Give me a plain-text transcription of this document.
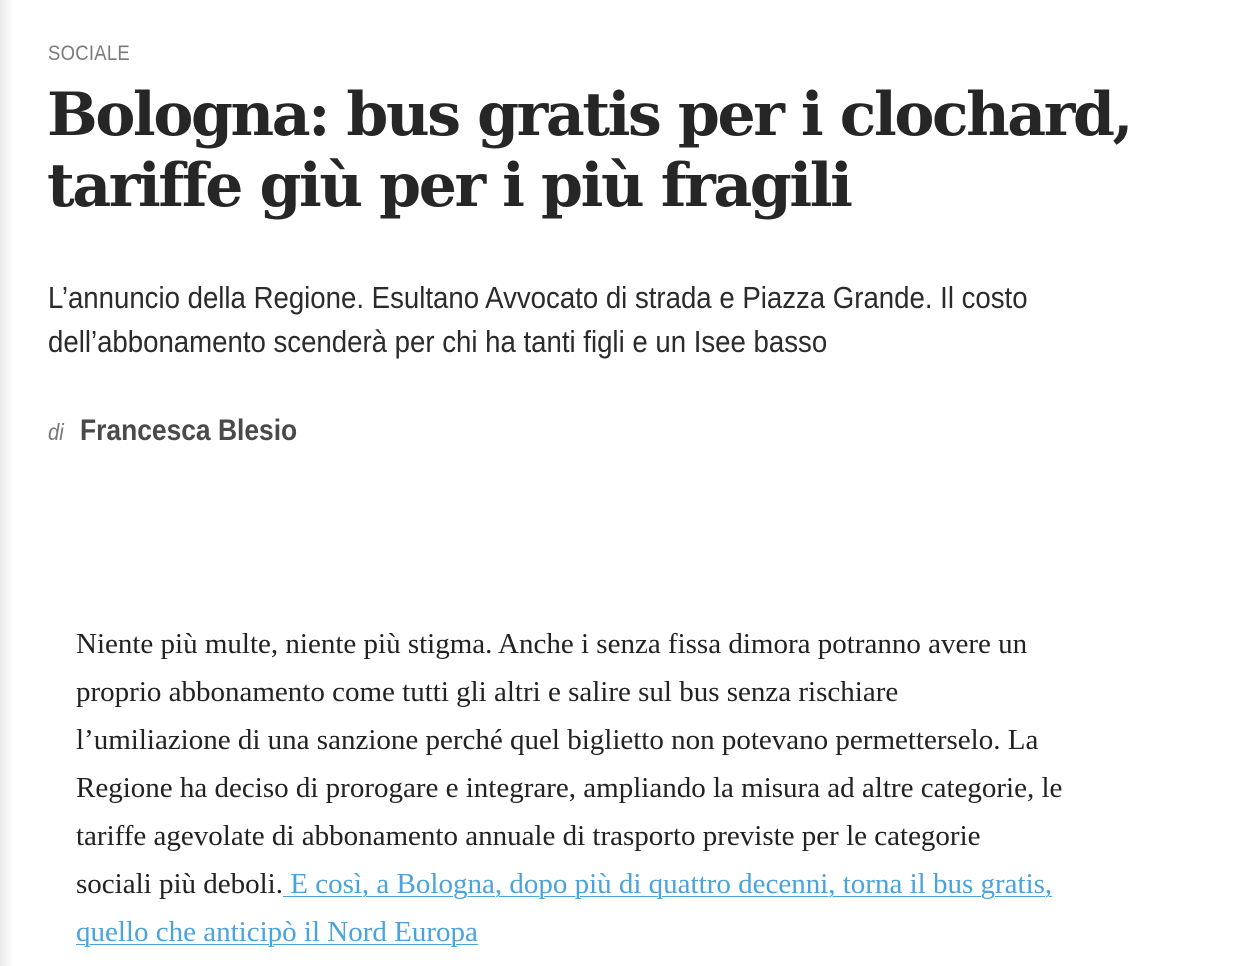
SOCIALE
Bologna: bus gratis per i clochard,
tariffe giù per i più fragili

L’annuncio della Regione. Esultano Avvocato di strada e Piazza Grande. Il costo
dell’abbonamento scenderà per chi ha tanti figli e un Isee basso

di Francesca Blesio

Niente più multe, niente più stigma. Anche i senza fissa dimora potranno avere un
proprio abbonamento come tutti gli altri e salire sul bus senza rischiare
l’umiliazione di una sanzione perché quel biglietto non potevano permetterselo. La
Regione ha deciso di prorogare e integrare, ampliando la misura ad altre categorie, le
tariffe agevolate di abbonamento annuale di trasporto previste per le categorie
sociali più deboli. E così, a Bologna, dopo più di quattro decenni, torna il bus gratis,
quello che anticipò il Nord Europa
